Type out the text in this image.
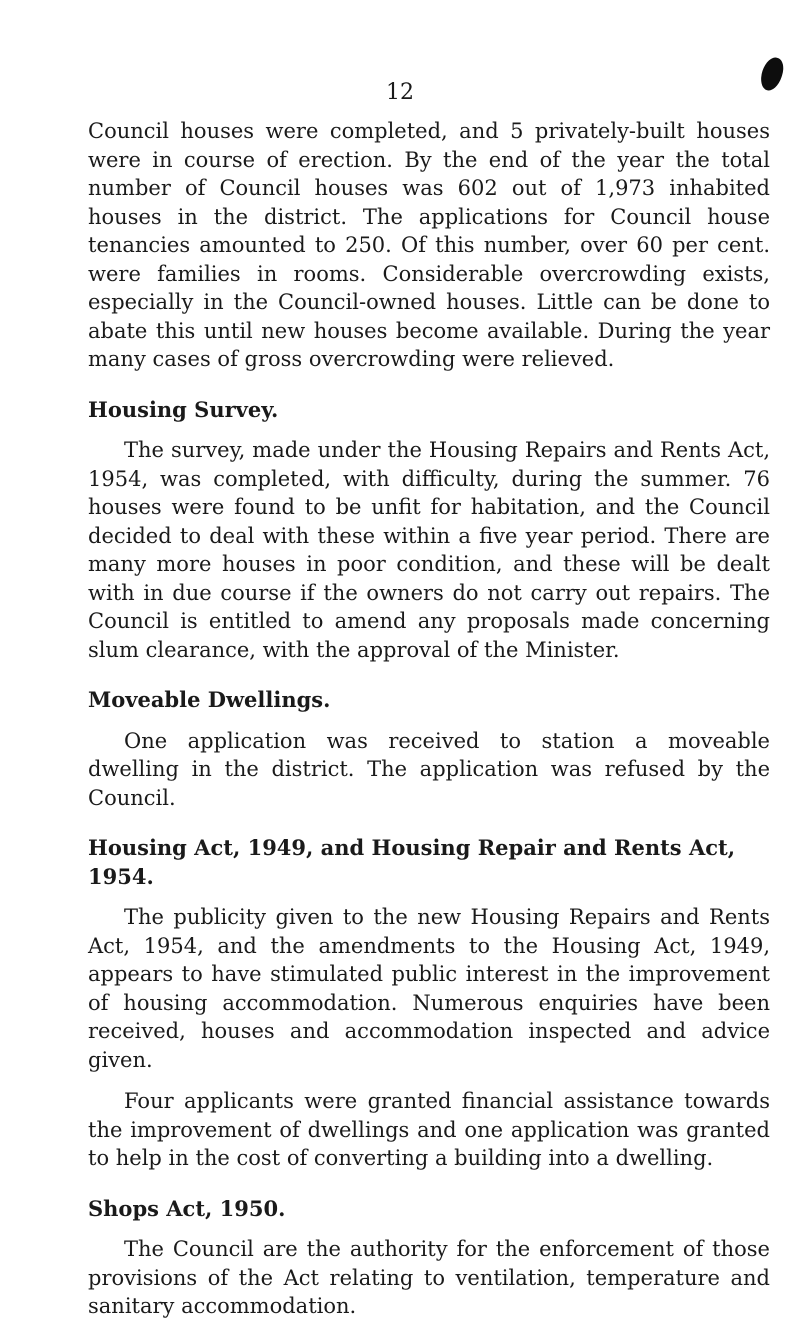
12

Council houses were completed, and 5 privately-built houses were in course of erection. By the end of the year the total number of Council houses was 602 out of 1,973 inhabited houses in the district. The applications for Council house tenancies amounted to 250. Of this number, over 60 per cent. were families in rooms. Considerable overcrowding exists, especially in the Council-owned houses. Little can be done to abate this until new houses become available. During the year many cases of gross overcrowding were relieved.

Housing Survey.

The survey, made under the Housing Repairs and Rents Act, 1954, was completed, with difficulty, during the summer. 76 houses were found to be unfit for habitation, and the Council decided to deal with these within a five year period. There are many more houses in poor condition, and these will be dealt with in due course if the owners do not carry out repairs. The Council is entitled to amend any proposals made concerning slum clearance, with the approval of the Minister.

Moveable Dwellings.

One application was received to station a moveable dwelling in the district. The application was refused by the Council.

Housing Act, 1949, and Housing Repair and Rents Act, 1954.

The publicity given to the new Housing Repairs and Rents Act, 1954, and the amendments to the Housing Act, 1949, appears to have stimulated public interest in the improvement of housing accommodation. Numerous enquiries have been received, houses and accommodation inspected and advice given.

Four applicants were granted financial assistance towards the improvement of dwellings and one application was granted to help in the cost of converting a building into a dwelling.

Shops Act, 1950.

The Council are the authority for the enforcement of those provisions of the Act relating to ventilation, temperature and sanitary accommodation.
